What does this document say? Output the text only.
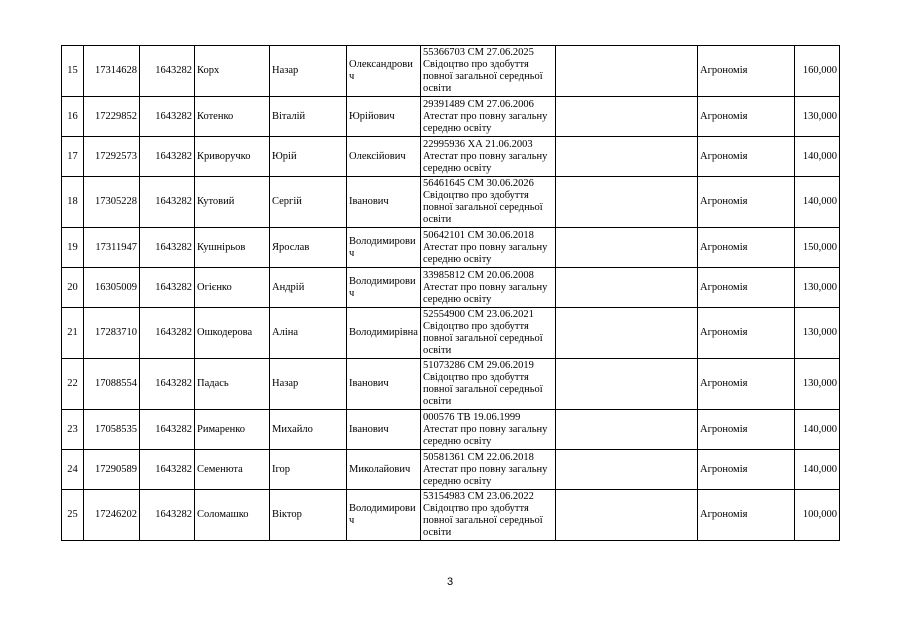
15	17314628	1643282	Корх	Назар	Олександрович	55366703 СМ 27.06.2025
Свідоцтво про здобуття повної загальної середньої освіти		Агрономія	160,000
16	17229852	1643282	Котенко	Віталій	Юрійович	29391489 СМ 27.06.2006
Атестат про повну загальну середню освіту		Агрономія	130,000
17	17292573	1643282	Криворучко	Юрій	Олексійович	22995936 ХА 21.06.2003
Атестат про повну загальну середню освіту		Агрономія	140,000
18	17305228	1643282	Кутовий	Сергій	Іванович	56461645 СМ 30.06.2026
Свідоцтво про здобуття повної загальної середньої освіти		Агрономія	140,000
19	17311947	1643282	Кушнірьов	Ярослав	Володимирович	50642101 СМ 30.06.2018
Атестат про повну загальну середню освіту		Агрономія	150,000
20	16305009	1643282	Огієнко	Андрій	Володимирович	33985812 СМ 20.06.2008
Атестат про повну загальну середню освіту		Агрономія	130,000
21	17283710	1643282	Ошкодерова	Аліна	Володимирівна	52554900 СМ 23.06.2021
Свідоцтво про здобуття повної загальної середньої освіти		Агрономія	130,000
22	17088554	1643282	Падась	Назар	Іванович	51073286 СМ 29.06.2019
Свідоцтво про здобуття повної загальної середньої освіти		Агрономія	130,000
23	17058535	1643282	Римаренко	Михайло	Іванович	000576 ТВ 19.06.1999
Атестат про повну загальну середню освіту		Агрономія	140,000
24	17290589	1643282	Семенюта	Ігор	Миколайович	50581361 СМ 22.06.2018
Атестат про повну загальну середню освіту		Агрономія	140,000
25	17246202	1643282	Соломашко	Віктор	Володимирович	53154983 СМ 23.06.2022
Свідоцтво про здобуття повної загальної середньої освіти		Агрономія	100,000
3
